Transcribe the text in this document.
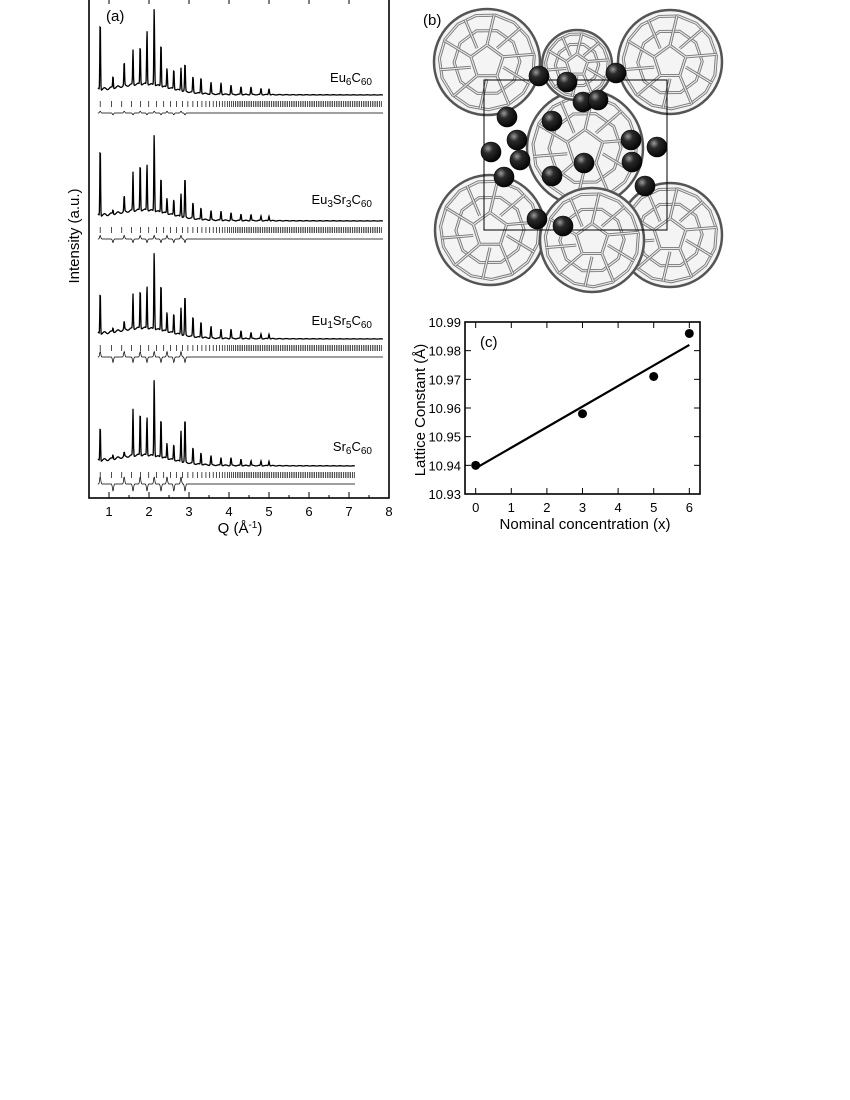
(a)
1	2	3	4	5	6	7	8
$Eu_6C_{60}$
$Eu_3Sr_3C_{60}$
$Eu_1Sr_5C_{60}$
$Sr_6C_{60}$
Intensity (a.u.)
Q $(Å^{-1})$
(b)
(c)
0 1 2 3 4 5 6
10.93
10.94
10.95
10.96
10.97
10.98
10.99
Lattice Constant (Å)
Nominal concentration (x)
